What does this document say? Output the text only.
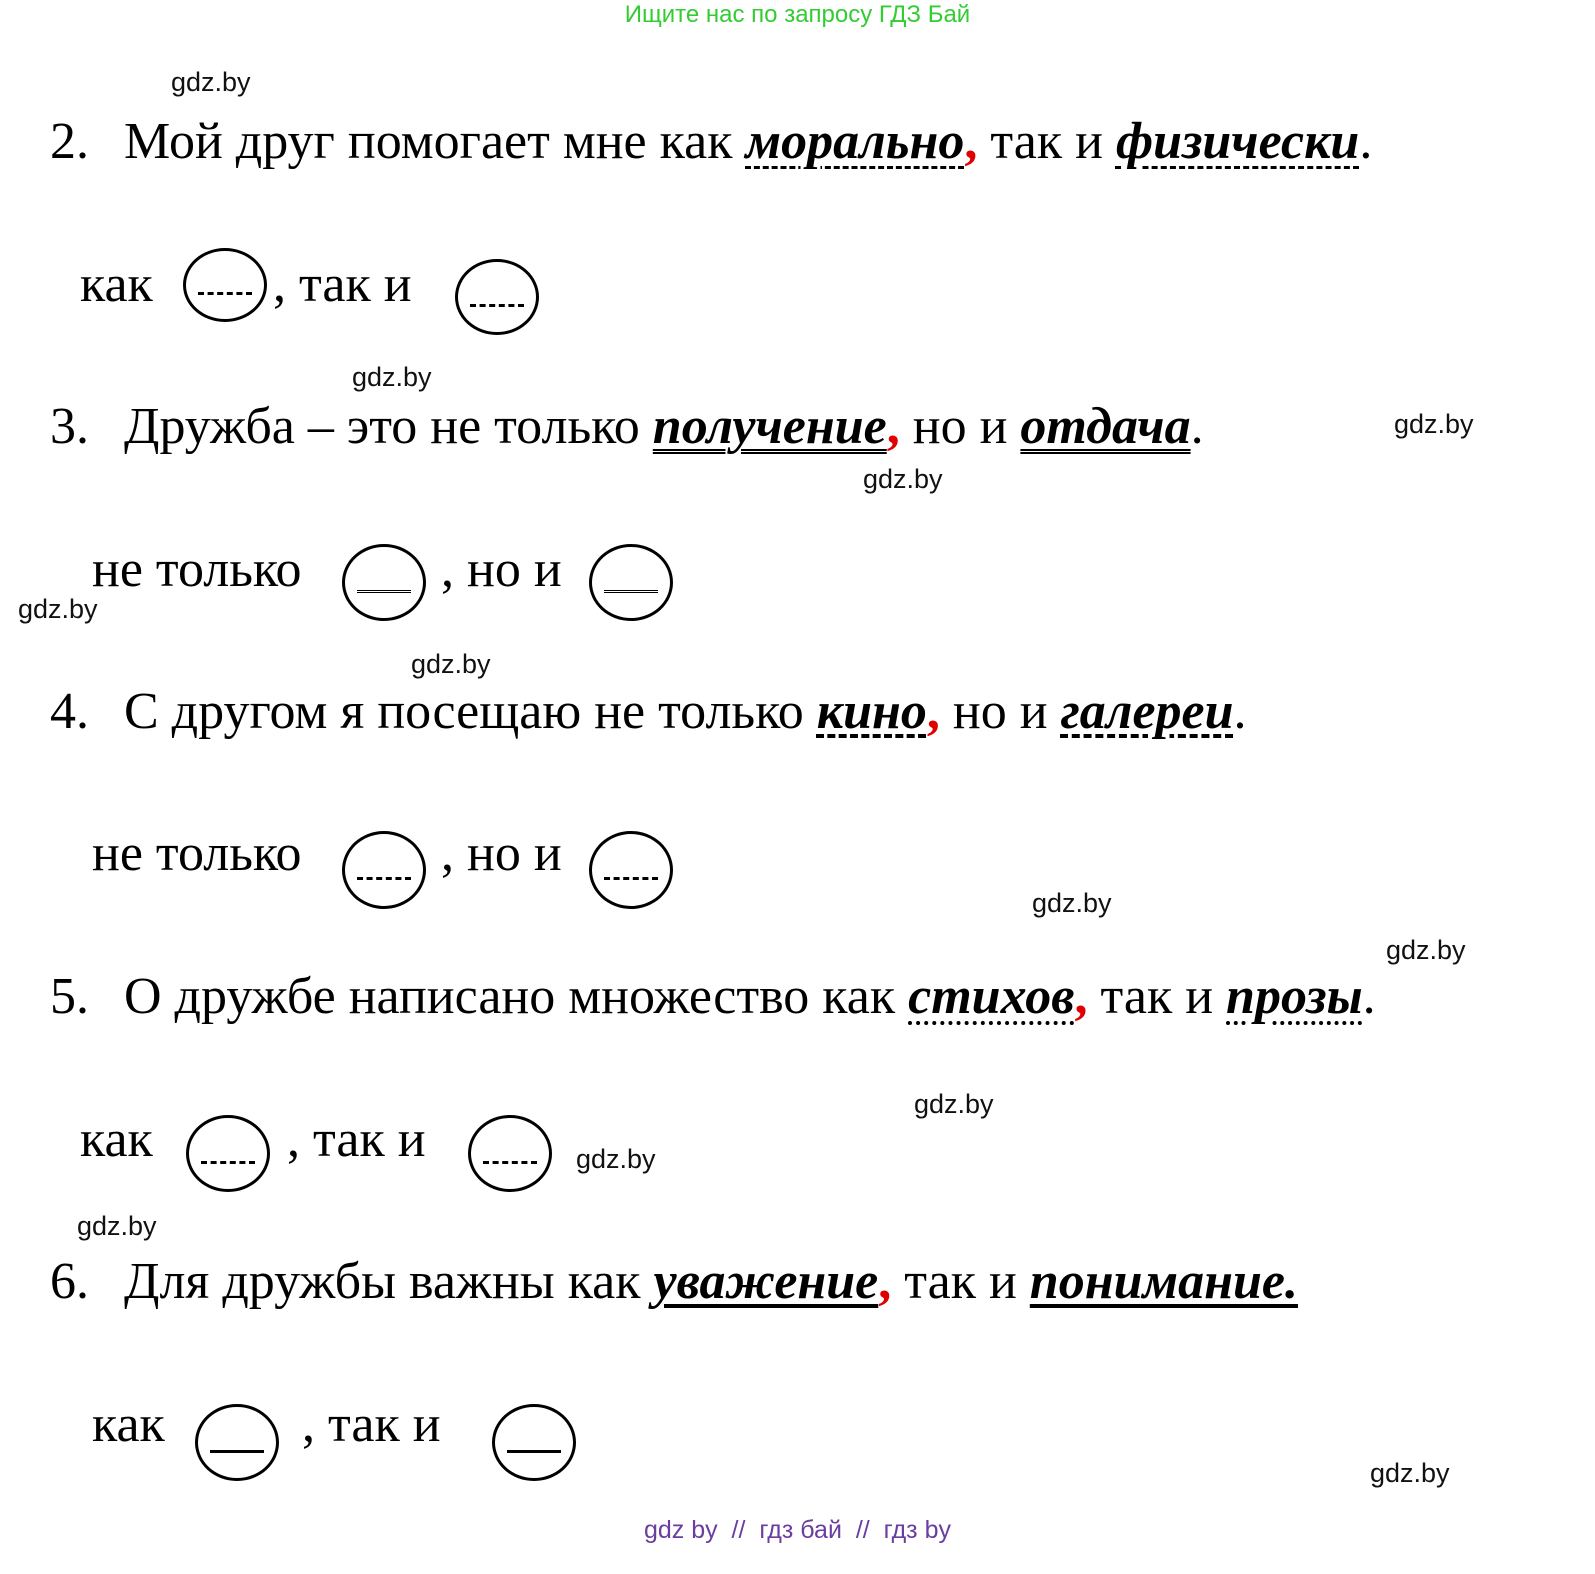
Ищите нас по запросу ГДЗ Бай
gdz.by
gdz.by
gdz.by
gdz.by
gdz.by
gdz.by
gdz.by
gdz.by
gdz.by
gdz.by
gdz.by
gdz.by
2. Мой друг помогает мне как морально, так и физически.
как , так и
3. Дружба – это не только получение, но и отдача.
не только	, но и
4. С другом я посещаю не только кино, но и галереи.
не только	, но и
5. О дружбе написано множество как стихов, так и прозы.
как	, так и
6. Для дружбы важны как уважение, так и понимание.
как	, так и
gdz by  //  гдз бай  //  гдз by
